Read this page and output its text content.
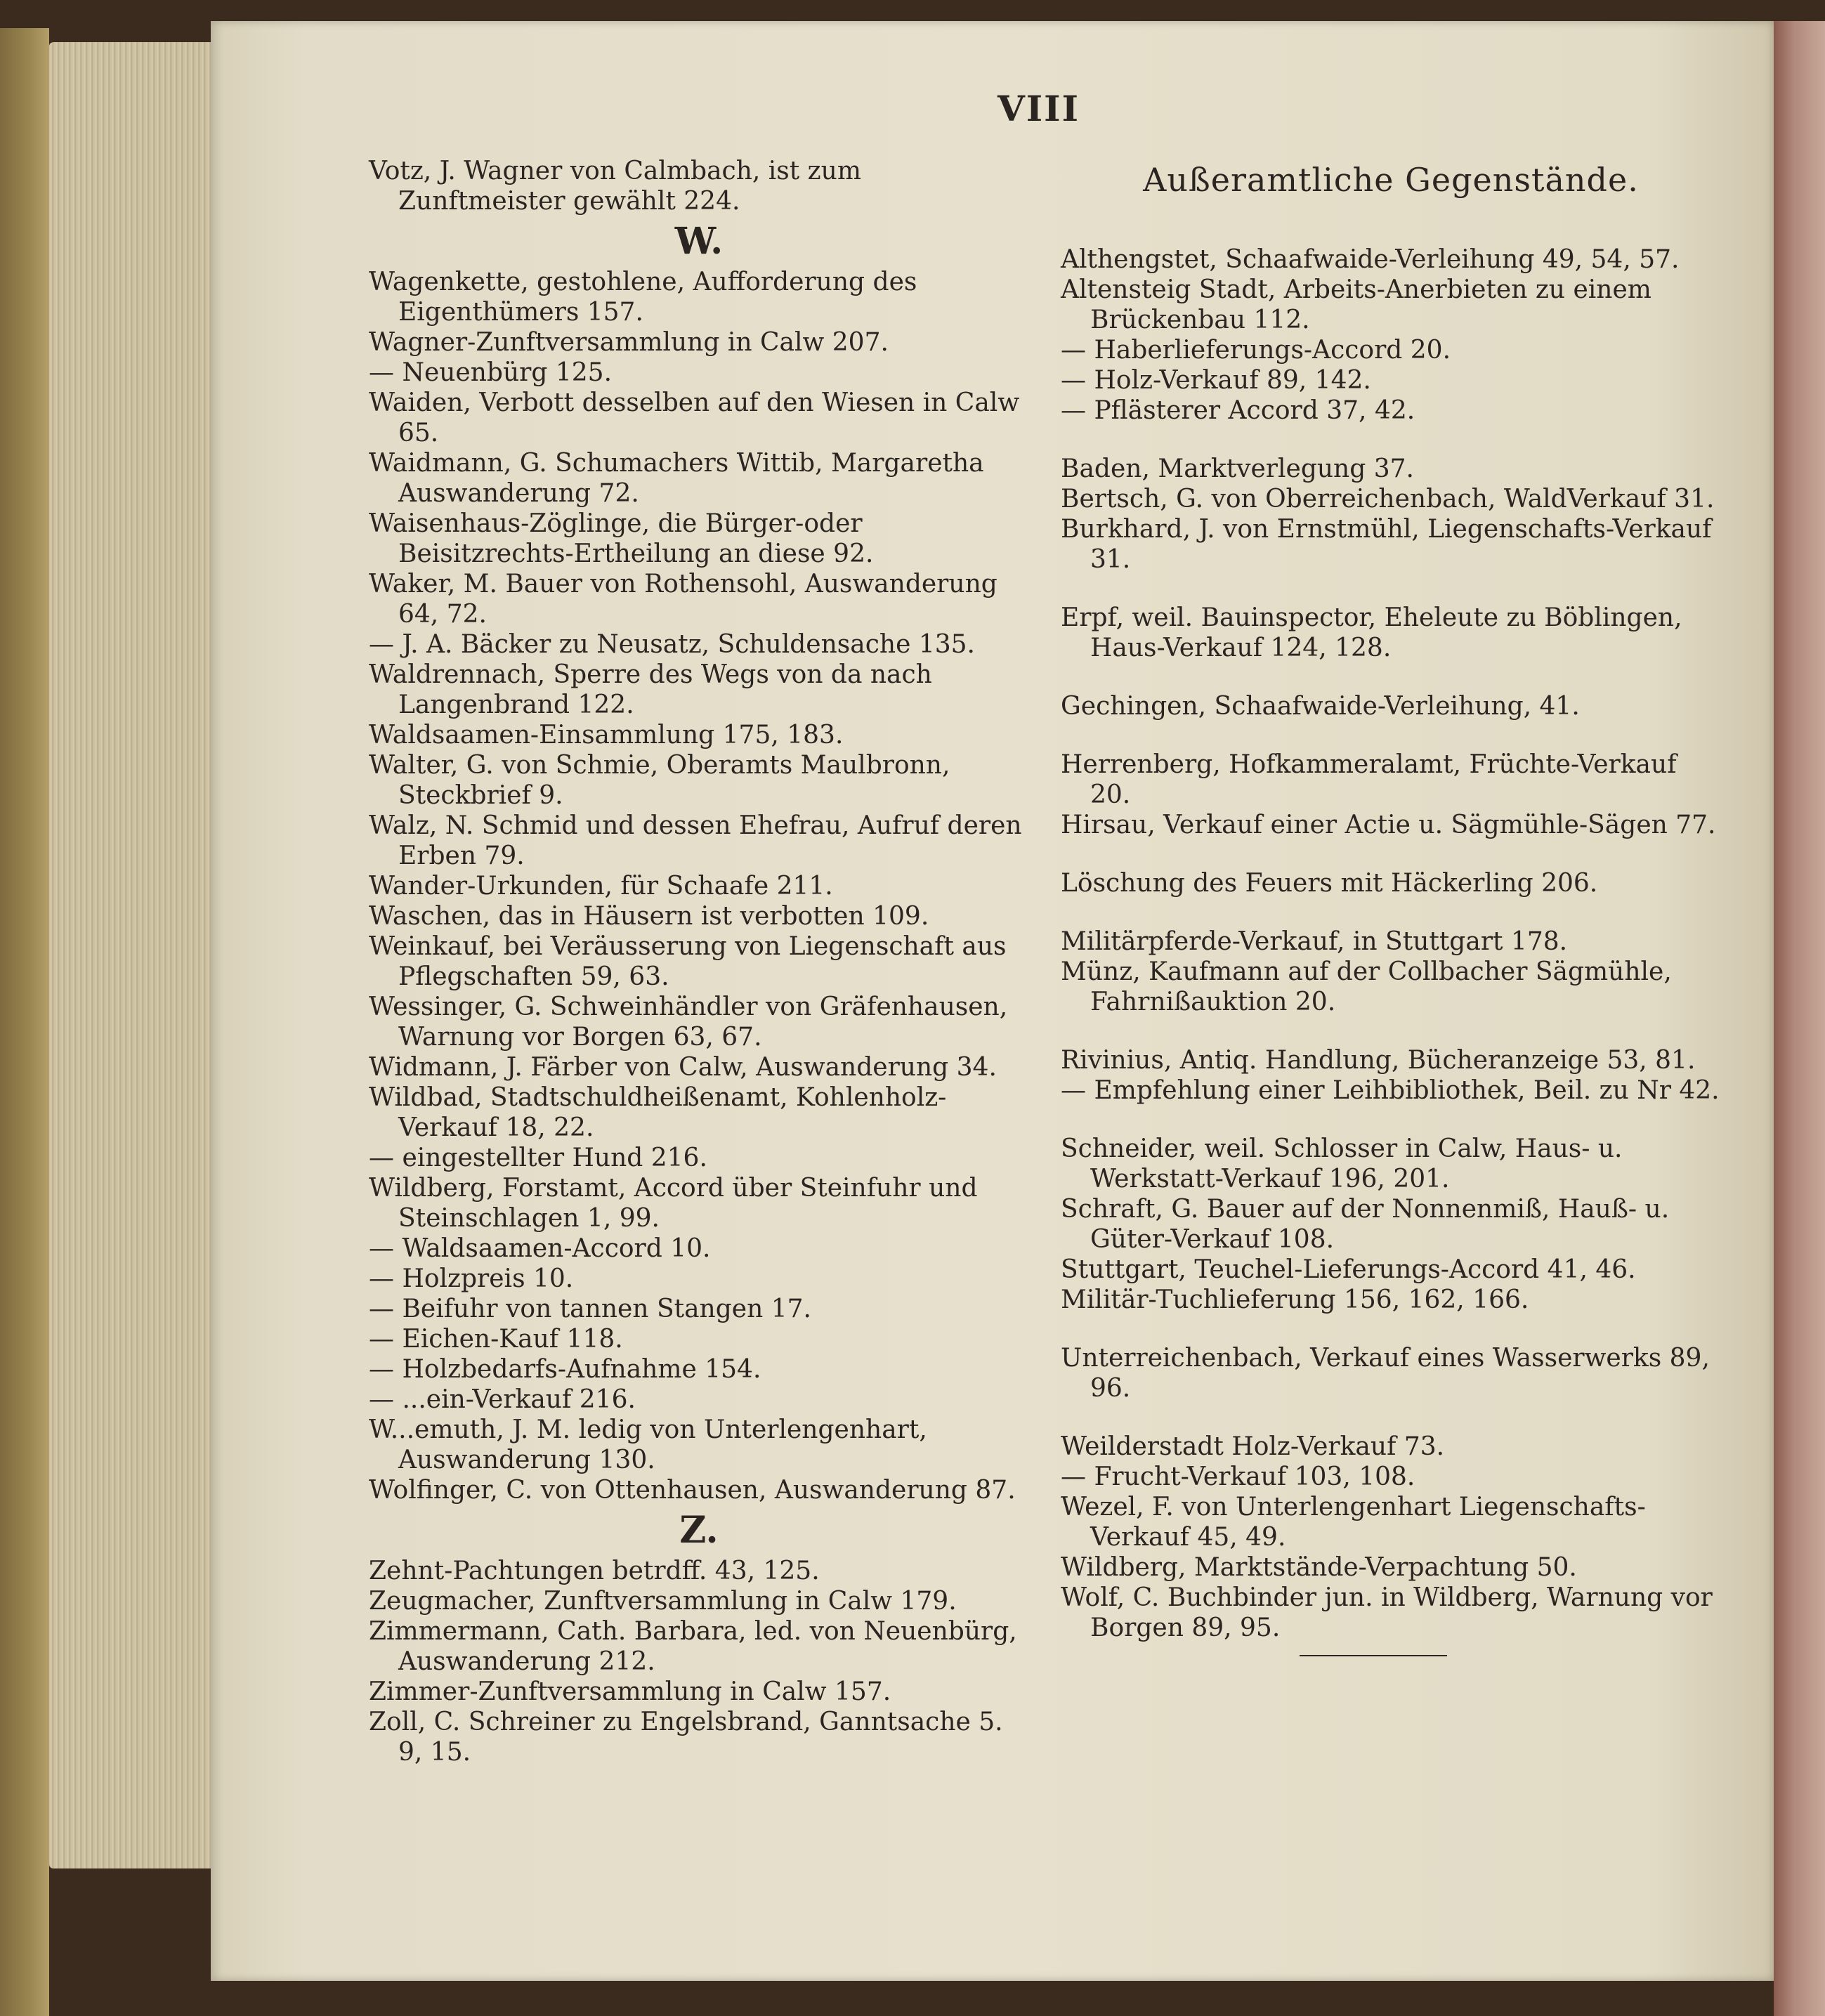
VIII
Votz, J. Wagner von Calmbach, ist zum Zunftmeister gewählt 224.
W.
Wagenkette, gestohlene, Aufforderung des Eigenthümers 157.
Wagner-Zunftversammlung in Calw 207.
— Neuenbürg 125.
Waiden, Verbott desselben auf den Wiesen in Calw 65.
Waidmann, G. Schumachers Wittib, Margaretha Auswanderung 72.
Waisenhaus-Zöglinge, die Bürger-oder Beisitzrechts-Ertheilung an diese 92.
Waker, M. Bauer von Rothensohl, Auswanderung 64, 72.
— J. A. Bäcker zu Neusatz, Schuldensache 135.
Waldrennach, Sperre des Wegs von da nach Langenbrand 122.
Waldsaamen-Einsammlung 175, 183.
Walter, G. von Schmie, Oberamts Maulbronn, Steckbrief 9.
Walz, N. Schmid und dessen Ehefrau, Aufruf deren Erben 79.
Wander-Urkunden, für Schaafe 211.
Waschen, das in Häusern ist verbotten 109.
Weinkauf, bei Veräusserung von Liegenschaft aus Pflegschaften 59, 63.
Wessinger, G. Schweinhändler von Gräfenhausen, Warnung vor Borgen 63, 67.
Widmann, J. Färber von Calw, Auswanderung 34.
Wildbad, Stadtschuldheißenamt, Kohlenholz-Verkauf 18, 22.
— eingestellter Hund 216.
Wildberg, Forstamt, Accord über Steinfuhr und Steinschlagen 1, 99.
— Waldsaamen-Accord 10.
— Holzpreis 10.
— Beifuhr von tannen Stangen 17.
— Eichen-Kauf 118.
— Holzbedarfs-Aufnahme 154.
— ...ein-Verkauf 216.
W...emuth, J. M. ledig von Unterlengenhart, Auswanderung 130.
Wolfinger, C. von Ottenhausen, Auswanderung 87.
Z.
Zehnt-Pachtungen betrdff. 43, 125.
Zeugmacher, Zunftversammlung in Calw 179.
Zimmermann, Cath. Barbara, led. von Neuenbürg, Auswanderung 212.
Zimmer-Zunftversammlung in Calw 157.
Zoll, C. Schreiner zu Engelsbrand, Ganntsache 5. 9, 15.
Außeramtliche Gegenstände.
Althengstet, Schaafwaide-Verleihung 49, 54, 57.
Altensteig Stadt, Arbeits-Anerbieten zu einem Brückenbau 112.
— Haberlieferungs-Accord 20.
— Holz-Verkauf 89, 142.
— Pflästerer Accord 37, 42.
Baden, Marktverlegung 37.
Bertsch, G. von Oberreichenbach, WaldVerkauf 31.
Burkhard, J. von Ernstmühl, Liegenschafts-Verkauf 31.
Erpf, weil. Bauinspector, Eheleute zu Böblingen, Haus-Verkauf 124, 128.
Gechingen, Schaafwaide-Verleihung, 41.
Herrenberg, Hofkammeralamt, Früchte-Verkauf 20.
Hirsau, Verkauf einer Actie u. Sägmühle-Sägen 77.
Löschung des Feuers mit Häckerling 206.
Militärpferde-Verkauf, in Stuttgart 178.
Münz, Kaufmann auf der Collbacher Sägmühle, Fahrnißauktion 20.
Rivinius, Antiq. Handlung, Bücheranzeige 53, 81.
— Empfehlung einer Leihbibliothek, Beil. zu Nr 42.
Schneider, weil. Schlosser in Calw, Haus- u. Werkstatt-Verkauf 196, 201.
Schraft, G. Bauer auf der Nonnenmiß, Hauß- u. Güter-Verkauf 108.
Stuttgart, Teuchel-Lieferungs-Accord 41, 46.
Militär-Tuchlieferung 156, 162, 166.
Unterreichenbach, Verkauf eines Wasserwerks 89, 96.
Weilderstadt Holz-Verkauf 73.
— Frucht-Verkauf 103, 108.
Wezel, F. von Unterlengenhart Liegenschafts-Verkauf 45, 49.
Wildberg, Marktstände-Verpachtung 50.
Wolf, C. Buchbinder jun. in Wildberg, Warnung vor Borgen 89, 95.
